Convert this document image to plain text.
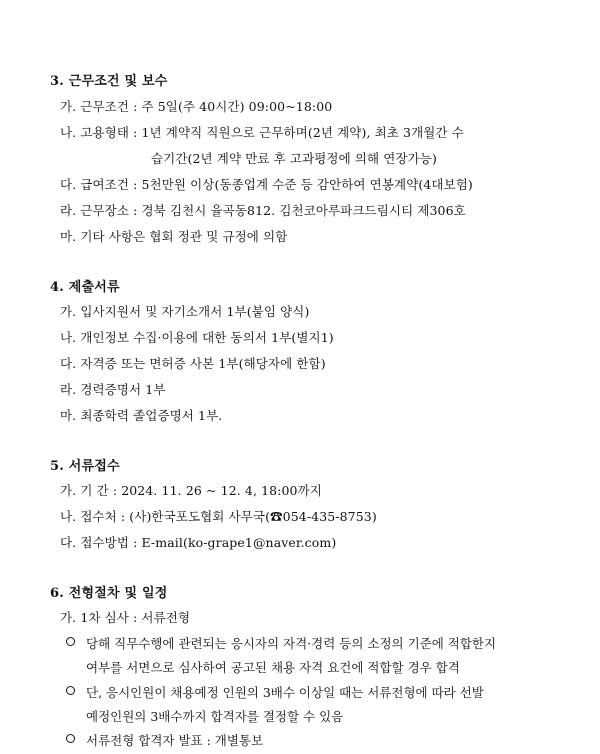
3. 근무조건 및 보수
가. 근무조건 : 주 5일(주 40시간) 09:00~18:00
나. 고용형태 : 1년 계약직 직원으로 근무하며(2년 계약), 최초 3개월간 수
습기간(2년 계약 만료 후 고과평정에 의해 연장가능)
다. 급여조건 : 5천만원 이상(동종업계 수준 등 감안하여 연봉계약(4대보험)
라. 근무장소 : 경북 김천시 율곡동812. 김천코아루파크드림시티 제306호
마. 기타 사항은 협회 정관 및 규정에 의함
4. 제출서류
가. 입사지원서 및 자기소개서 1부(붙임 양식)
나. 개인정보 수집·이용에 대한 동의서 1부(별지1)
다. 자격증 또는 면허증 사본 1부(해당자에 한함)
라. 경력증명서 1부
마. 최종학력 졸업증명서 1부.
5. 서류접수
가. 기 간 : 2024. 11. 26 ~ 12. 4, 18:00까지
나. 접수처 : (사)한국포도협회 사무국(☎054-435-8753)
다. 접수방법 : E-mail(ko-grape1@naver.com)
6. 전형절차 및 일정
가. 1차 심사 : 서류전형
당해 직무수행에 관련되는 응시자의 자격·경력 등의 소정의 기준에 적합한지
여부를 서면으로 심사하여 공고된 채용 자격 요건에 적합할 경우 합격
단, 응시인원이 채용예정 인원의 3배수 이상일 때는 서류전형에 따라 선발
예정인원의 3배수까지 합격자를 결정할 수 있음
서류전형 합격자 발표 : 개별통보
